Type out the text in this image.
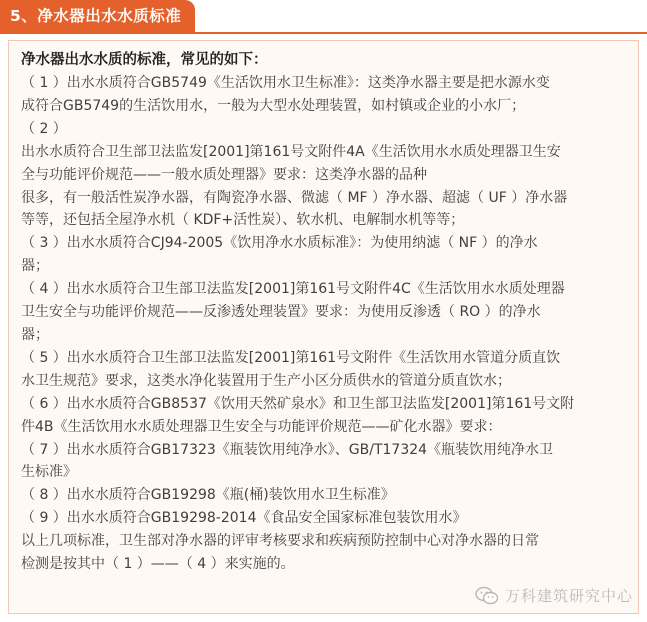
5、净水器出水水质标准
净水器出水水质的标准，常见的如下：
（ 1 ）出水水质符合GB5749《生活饮用水卫生标准》：这类净水器主要是把水源水变
成符合GB5749的生活饮用水，一般为大型水处理装置，如村镇或企业的小水厂；
（ 2 ）
出水水质符合卫生部卫法监发[2001]第161号文附件4A《生活饮用水水质处理器卫生安
全与功能评价规范——一般水质处理器》要求：这类净水器的品种
很多，有一般活性炭净水器，有陶瓷净水器、微滤（ MF ）净水器、超滤（ UF ）净水器
等等，还包括全屋净水机（ KDF+活性炭）、软水机、电解制水机等等；
（ 3 ）出水水质符合CJ94-2005《饮用净水水质标准》：为使用纳滤（ NF ）的净水
器；
（ 4 ）出水水质符合卫生部卫法监发[2001]第161号文附件4C《生活饮用水水质处理器
卫生安全与功能评价规范——反渗透处理装置》要求：为使用反渗透（ RO ）的净水
器；
（ 5 ）出水水质符合卫生部卫法监发[2001]第161号文附件《生活饮用水管道分质直饮
水卫生规范》要求，这类水净化装置用于生产小区分质供水的管道分质直饮水；
（ 6 ）出水水质符合GB8537《饮用天然矿泉水》和卫生部卫法监发[2001]第161号文附
件4B《生活饮用水水质处理器卫生安全与功能评价规范——矿化水器》要求：
（ 7 ）出水水质符合GB17323《瓶装饮用纯净水》、GB/T17324《瓶装饮用纯净水卫
生标准》
（ 8 ）出水水质符合GB19298《瓶(桶)装饮用水卫生标准》
（ 9 ）出水水质符合GB19298-2014《食品安全国家标准包装饮用水》
以上几项标准，卫生部对净水器的评审考核要求和疾病预防控制中心对净水器的日常
检测是按其中（ 1 ）——（ 4 ）来实施的。
万科建筑研究中心
